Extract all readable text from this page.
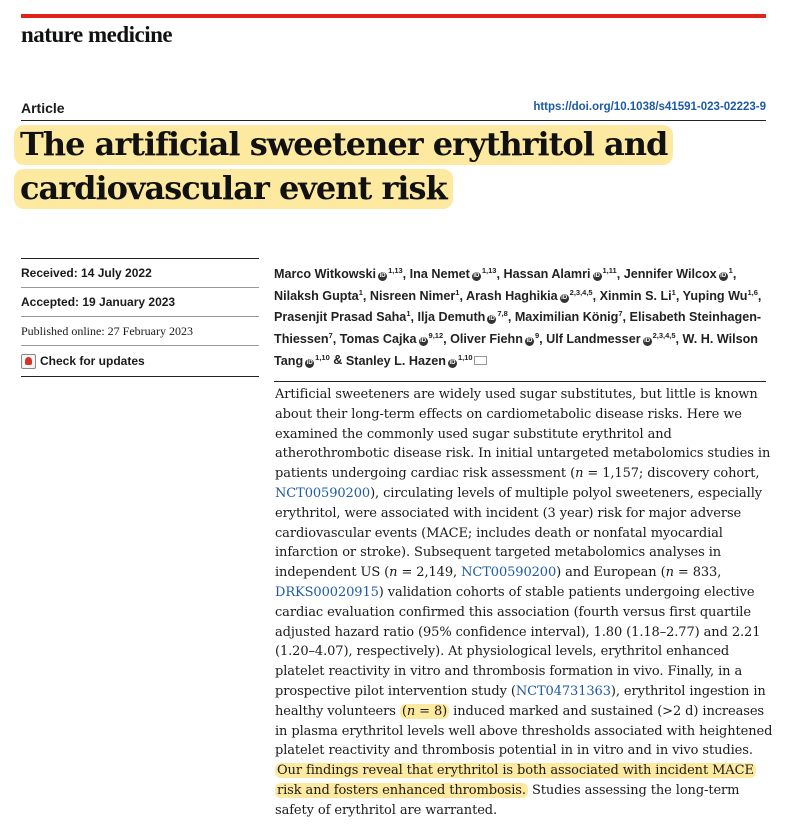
nature medicine
Article	https://doi.org/10.1038/s41591-023-02223-9
The artificial sweetener erythritol and cardiovascular event risk
Received: 14 July 2022
Accepted: 19 January 2023
Published online: 27 February 2023
Check for updates
Marco Witkowski iD$^{1,13}$, Ina Nemet iD$^{1,13}$, Hassan Alamri iD$^{1,11}$, Jennifer Wilcox $iD^1$, Nilaksh Gupta$^1$, Nisreen Nimer$^1$, Arash Haghikia iD$^{2,3,4,5}$, Xinmin S. Li$^1$, Yuping Wu$^{1,6}$, Prasenjit Prasad Saha$^1$, Ilja Demuth iD$^{7,8}$, Maximilian König$^7$, Elisabeth Steinhagen-Thiessen$^7$, Tomas Cajka iD$^{9,12}$, Oliver Fiehn $iD^9$, Ulf Landmesser iD$^{2,3,4,5}$, W. H. Wilson Tang iD$^{1,10}$ & Stanley L. Hazen iD$^{1,10}$
Artificial sweeteners are widely used sugar substitutes, but little is known about their long-term effects on cardiometabolic disease risks. Here we examined the commonly used sugar substitute erythritol and atherothrombotic disease risk. In initial untargeted metabolomics studies in patients undergoing cardiac risk assessment (n = 1,157; discovery cohort, NCT00590200), circulating levels of multiple polyol sweeteners, especially erythritol, were associated with incident (3 year) risk for major adverse cardiovascular events (MACE; includes death or nonfatal myocardial infarction or stroke). Subsequent targeted metabolomics analyses in independent US (n = 2,149, NCT00590200) and European (n = 833, DRKS00020915) validation cohorts of stable patients undergoing elective cardiac evaluation confirmed this association (fourth versus first quartile adjusted hazard ratio (95% confidence interval), 1.80 (1.18–2.77) and 2.21 (1.20–4.07), respectively). At physiological levels, erythritol enhanced platelet reactivity in vitro and thrombosis formation in vivo. Finally, in a prospective pilot intervention study (NCT04731363), erythritol ingestion in healthy volunteers (n = 8) induced marked and sustained (>2 d) increases in plasma erythritol levels well above thresholds associated with heightened platelet reactivity and thrombosis potential in in vitro and in vivo studies. Our findings reveal that erythritol is both associated with incident MACE risk and fosters enhanced thrombosis. Studies assessing the long-term safety of erythritol are warranted.
